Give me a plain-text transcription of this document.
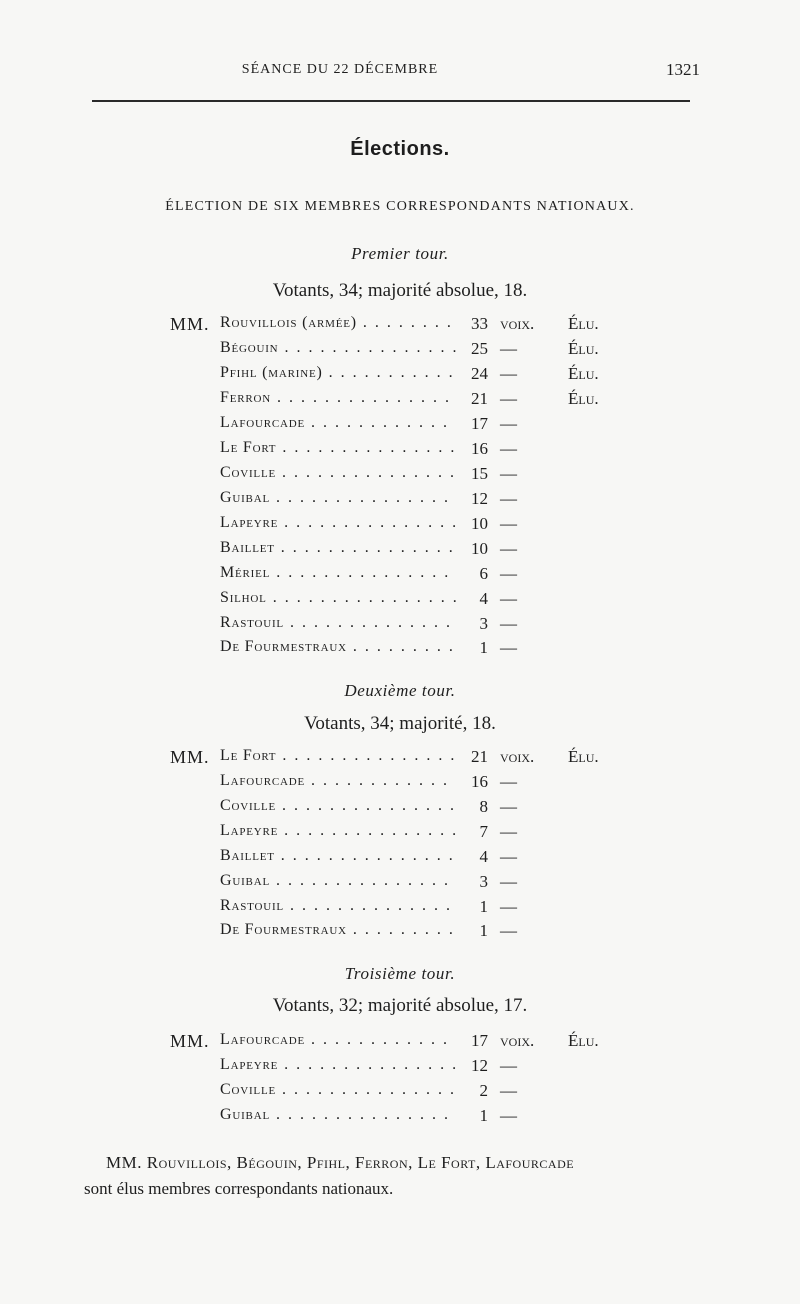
SÉANCE DU 22 DÉCEMBRE	1321
Élections.
ÉLECTION DE SIX MEMBRES CORRESPONDANTS NATIONAUX.
Premier tour.
Votants, 34; majorité absolue, 18.
MM. Rouvillois (armée) . . .	33 voix. Élu.
Bégouin . . .	25 —	Élu.
Pfihl (marine) . . .	24 —	Élu.
Ferron . . .	21 —	Élu.
Lafourcade . . .	17 —
Le Fort . . .	16 —
Coville . . .	15 —
Guibal . . .	12 —
Lapeyre . . .	10 —
Baillet . . .	10 —
Mériel . . .	6 —
Silhol . . .	4 —
Rastouil . . .	3 —
De Fourmestraux . . .	1 —
Deuxième tour.
Votants, 34; majorité, 18.
MM. Le Fort . . .	21 voix. Élu.
Lafourcade . . .	16 —
Coville . . .	8 —
Lapeyre . . .	7 —
Baillet . . .	4 —
Guibal . . .	3 —
Rastouil . . .	1 —
De Fourmestraux . . .	1 —
Troisième tour.
Votants, 32; majorité absolue, 17.
MM. Lafourcade . . .	17 voix. Élu.
Lapeyre . . .	12 —
Coville . . .	2 —
Guibal . . .	1 —
MM. Rouvillois, Bégouin, Pfihl, Ferron, Le Fort, Lafourcade
sont élus membres correspondants nationaux.
